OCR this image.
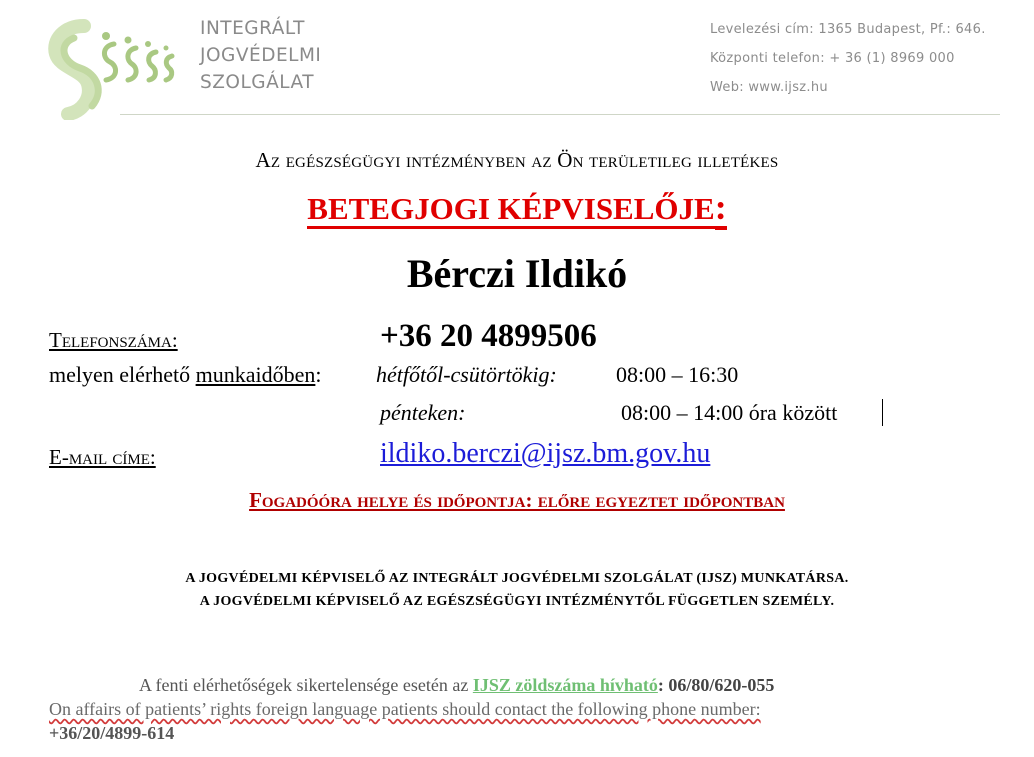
INTEGRÁLT
JOGVÉDELMI
SZOLGÁLAT
Levelezési cím: 1365 Budapest, Pf.: 646.
Központi telefon: + 36 (1) 8969 000
Web: www.ijsz.hu
Az egészségügyi intézményben az Ön területileg illetékes
BETEGJOGI KÉPVISELŐJE:
Bérczi Ildikó
Telefonszáma:	+36 20 4899506
melyen elérhető munkaidőben: hétfőtől-csütörtökig:	08:00 – 16:30
pénteken:	08:00 – 14:00 óra között
E-mail címe:	ildiko.berczi@ijsz.bm.gov.hu
Fogadóóra helye és időpontja: előre egyeztet időpontban
A JOGVÉDELMI KÉPVISELŐ AZ INTEGRÁLT JOGVÉDELMI SZOLGÁLAT (IJSZ) MUNKATÁRSA.
A JOGVÉDELMI KÉPVISELŐ AZ EGÉSZSÉGÜGYI INTÉZMÉNYTŐL FÜGGETLEN SZEMÉLY.
A fenti elérhetőségek sikertelensége esetén az IJSZ zöldszáma hívható: 06/80/620-055
On affairs of patients’ rights foreign language patients should contact the following phone number:
+36/20/4899-614
